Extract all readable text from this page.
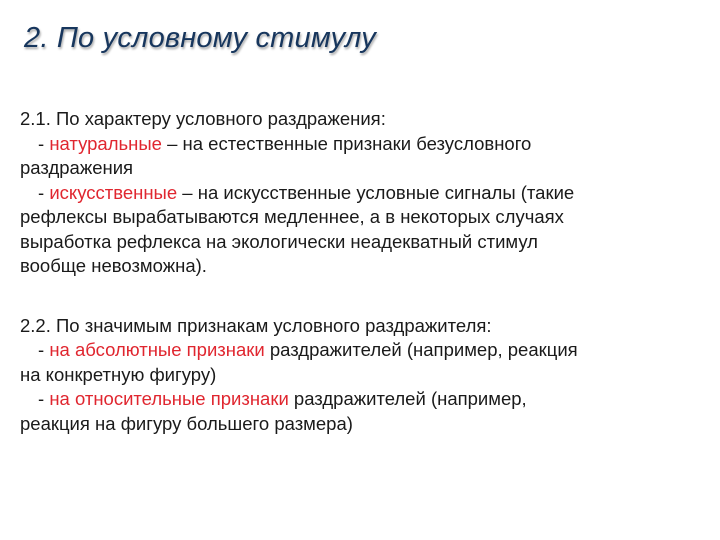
2. По условному стимулу
2.1. По характеру условного раздражения:
- натуральные – на естественные признаки безусловного
раздражения
- искусственные – на искусственные условные сигналы (такие
рефлексы вырабатываются медленнее, а в некоторых случаях
выработка рефлекса на экологически неадекватный стимул
вообще невозможна).
2.2. По значимым признакам условного раздражителя:
- на абсолютные признаки раздражителей (например, реакция
на конкретную фигуру)
- на относительные признаки раздражителей (например,
реакция на фигуру большего размера)
